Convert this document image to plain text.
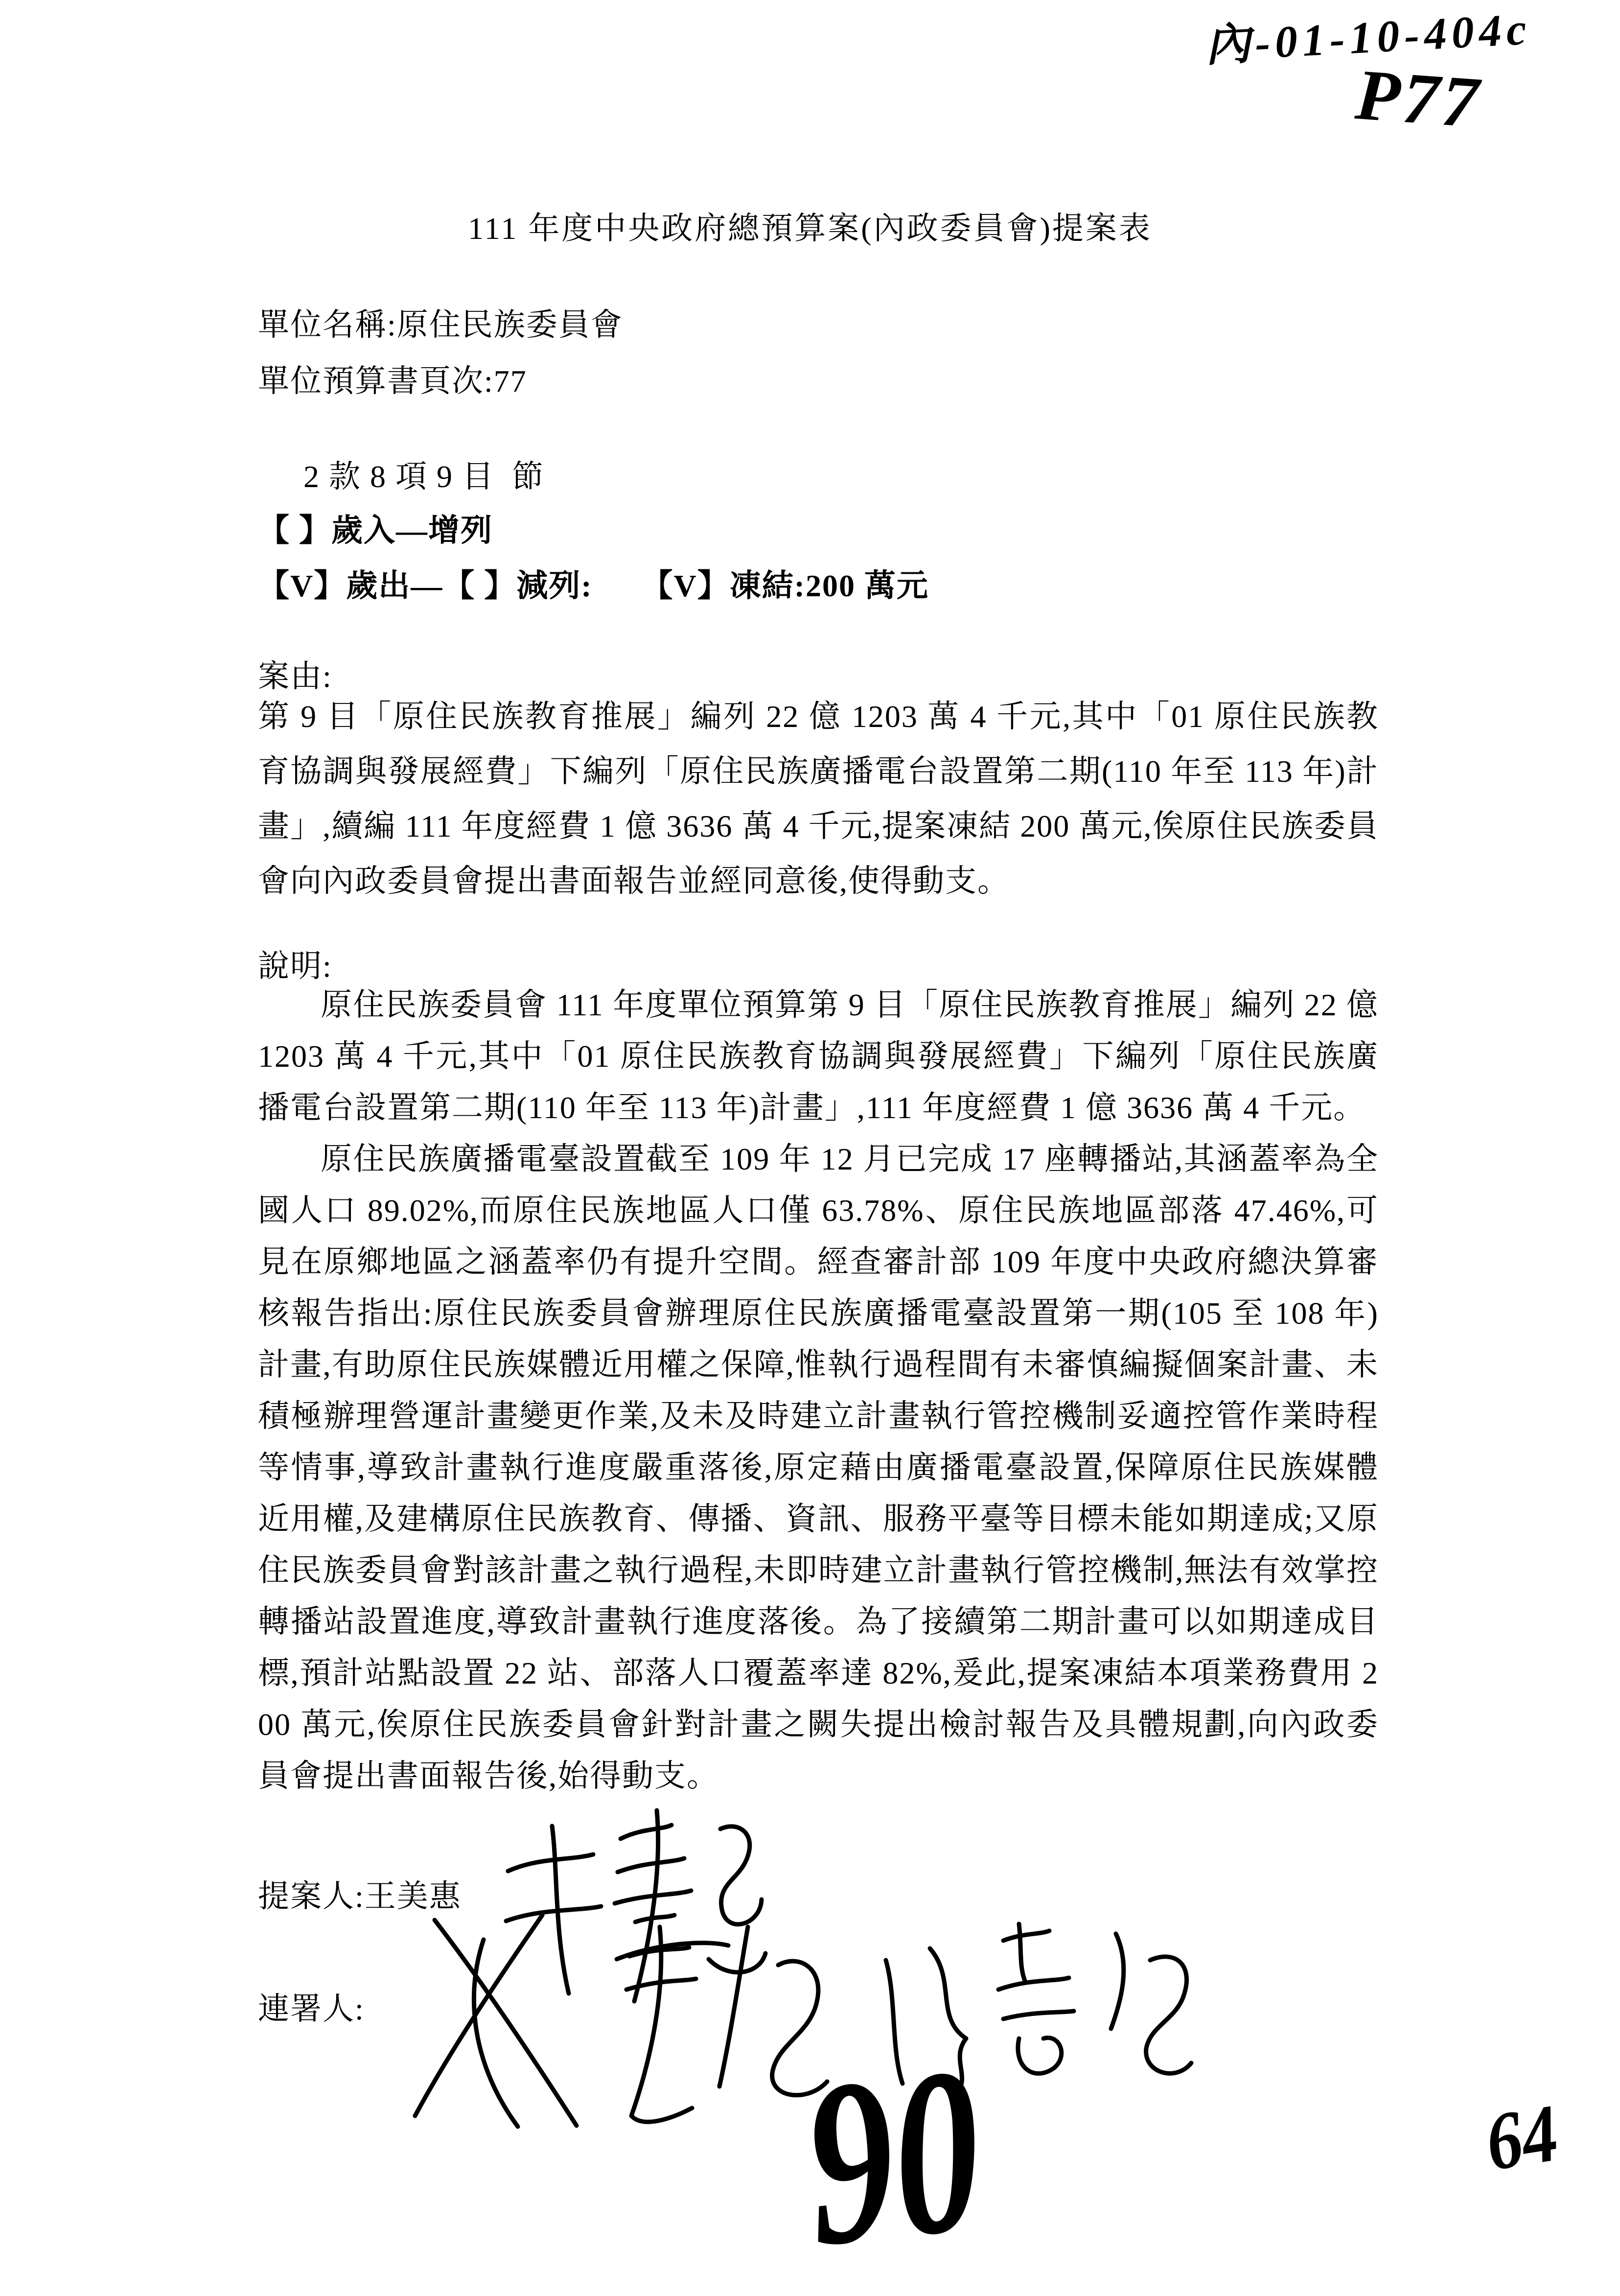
內-01-10-404c
P77
111 年度中央政府總預算案(內政委員會)提案表
單位名稱:原住民族委員會
單位預算書頁次:77
2 款 8 項 9 目  節
【 】歲入—增列
【V】歲出—【 】減列:　　【V】凍結:200 萬元
案由:
第 9 目「原住民族教育推展」編列 22 億 1203 萬 4 千元,其中「01 原住民族教育協調與發展經費」下編列「原住民族廣播電台設置第二期(110 年至 113 年)計畫」,續編 111 年度經費 1 億 3636 萬 4 千元,提案凍結 200 萬元,俟原住民族委員會向內政委員會提出書面報告並經同意後,使得動支。
說明:
原住民族委員會 111 年度單位預算第 9 目「原住民族教育推展」編列 22 億 1203 萬 4 千元,其中「01 原住民族教育協調與發展經費」下編列「原住民族廣播電台設置第二期(110 年至 113 年)計畫」,111 年度經費 1 億 3636 萬 4 千元。
原住民族廣播電臺設置截至 109 年 12 月已完成 17 座轉播站,其涵蓋率為全國人口 89.02%,而原住民族地區人口僅 63.78%、原住民族地區部落 47.46%,可見在原鄉地區之涵蓋率仍有提升空間。經查審計部 109 年度中央政府總決算審核報告指出:原住民族委員會辦理原住民族廣播電臺設置第一期(105 至 108 年)計畫,有助原住民族媒體近用權之保障,惟執行過程間有未審慎編擬個案計畫、未積極辦理營運計畫變更作業,及未及時建立計畫執行管控機制妥適控管作業時程等情事,導致計畫執行進度嚴重落後,原定藉由廣播電臺設置,保障原住民族媒體近用權,及建構原住民族教育、傳播、資訊、服務平臺等目標未能如期達成;又原住民族委員會對該計畫之執行過程,未即時建立計畫執行管控機制,無法有效掌控轉播站設置進度,導致計畫執行進度落後。為了接續第二期計畫可以如期達成目標,預計站點設置 22 站、部落人口覆蓋率達 82%,爰此,提案凍結本項業務費用 200 萬元,俟原住民族委員會針對計畫之闕失提出檢討報告及具體規劃,向內政委員會提出書面報告後,始得動支。
提案人:王美惠
連署人:
90	64
